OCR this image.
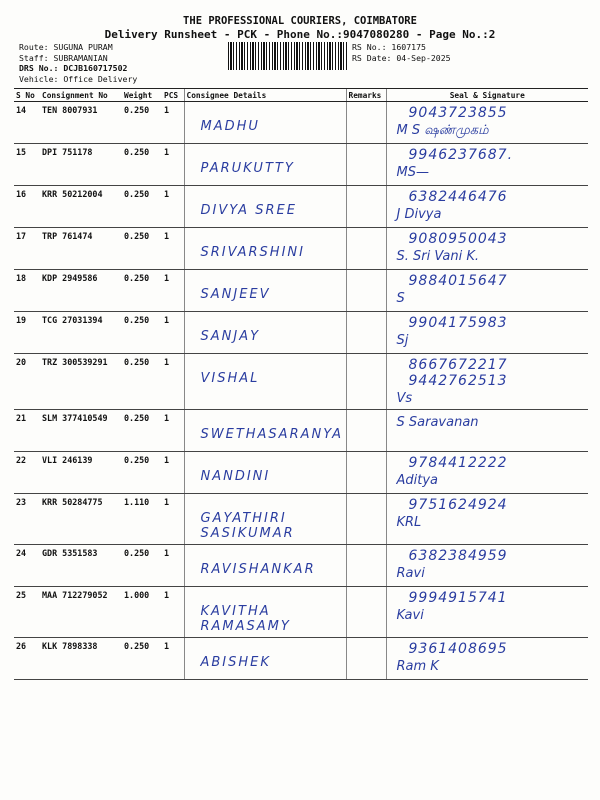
THE PROFESSIONAL COURIERS, COIMBATORE
Delivery Runsheet - PCK - Phone No.:9047080280 - Page No.:2
Route: SUGUNA PURAM
Staff: SUBRAMANIAN
DRS No.: DCJB160717502
Vehicle: Office Delivery
RS No.: 1607175
RS Date: 04-Sep-2025
S No	Consignment No	Weight	PCS	Consignee Details	Remarks	Seal & Signature
14	TEN 8007931	0.250	1	MADHU		9043723855
M S ஷண்முகம்

15	DPI 751178	0.250	1	PARUKUTTY		9946237687.
MS—

16	KRR 50212004	0.250	1	DIVYA SREE		6382446476
J Divya

17	TRP 761474	0.250	1	SRIVARSHINI		9080950043
S. Sri Vani K.

18	KDP 2949586	0.250	1	SANJEEV		9884015647
S

19	TCG 27031394	0.250	1	SANJAY		9904175983
Sj

20	TRZ 300539291	0.250	1	VISHAL		8667672217 9442762513
Vs

21	SLM 377410549	0.250	1	SWETHASARANYA		S Saravanan

22	VLI 246139	0.250	1	NANDINI		9784412222
Aditya

23	KRR 50284775	1.110	1	GAYATHIRI SASIKUMAR		9751624924
KRL

24	GDR 5351583	0.250	1	RAVISHANKAR		6382384959
Ravi

25	MAA 712279052	1.000	1	KAVITHA RAMASAMY		9994915741
Kavi

26	KLK 7898338	0.250	1	ABISHEK		9361408695
Ram K
